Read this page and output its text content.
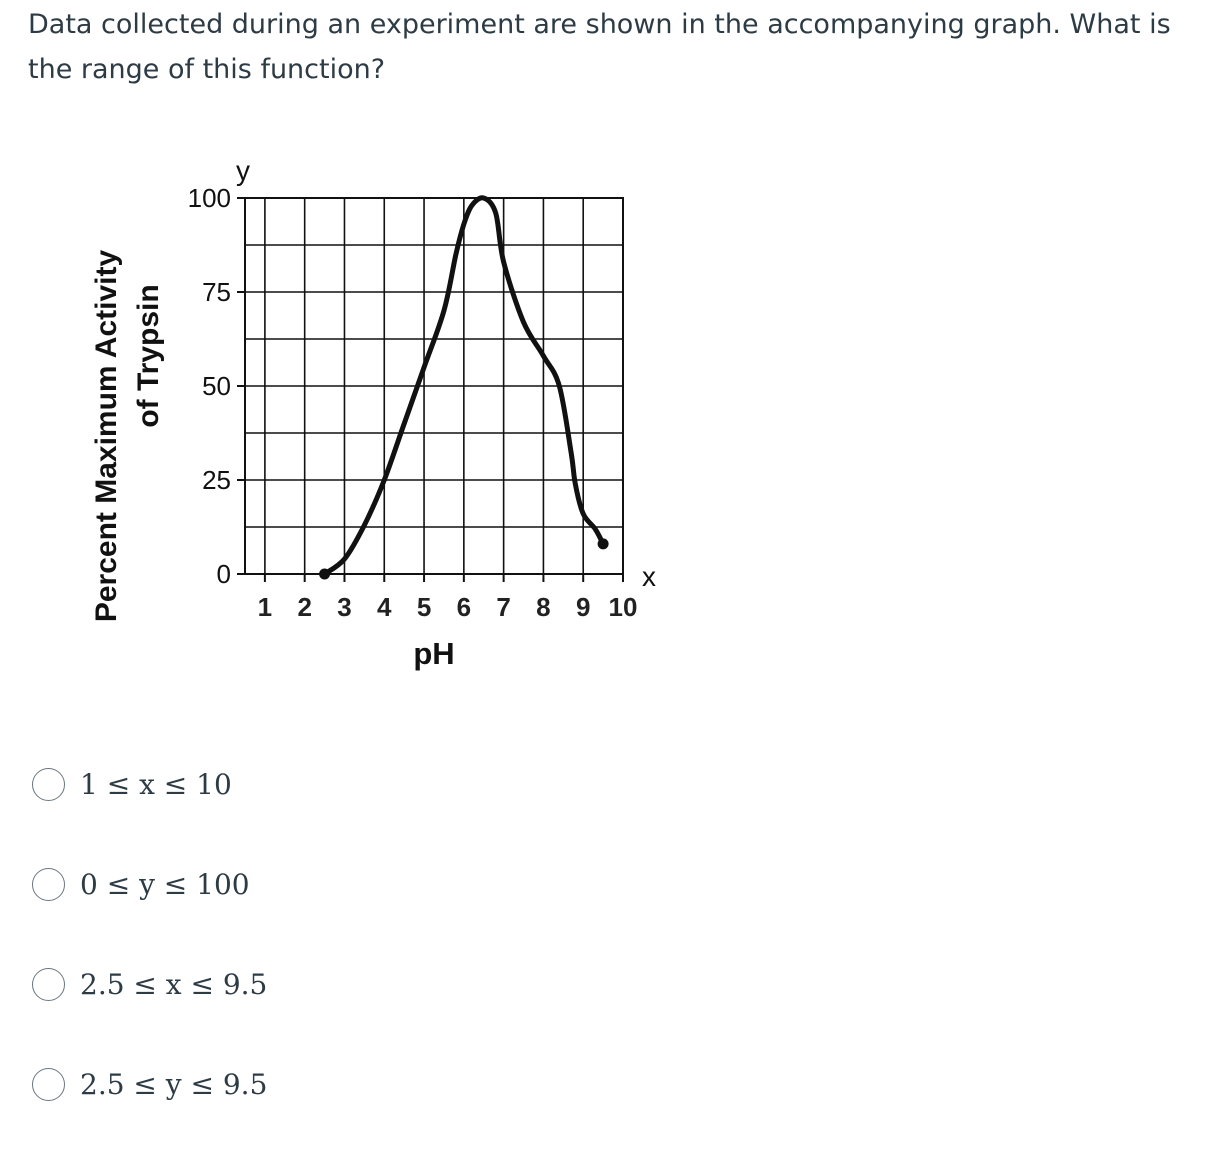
Data collected during an experiment are shown in the accompanying graph. What is the range of this function?
0
25
50
75
100
1 2 3 4 5 6 7 8 9 10
y
x
pH
Percent Maximum Activity of Trypsin
1 ≤ x ≤ 10
0 ≤ y ≤ 100
2.5 ≤ x ≤ 9.5
2.5 ≤ y ≤ 9.5
